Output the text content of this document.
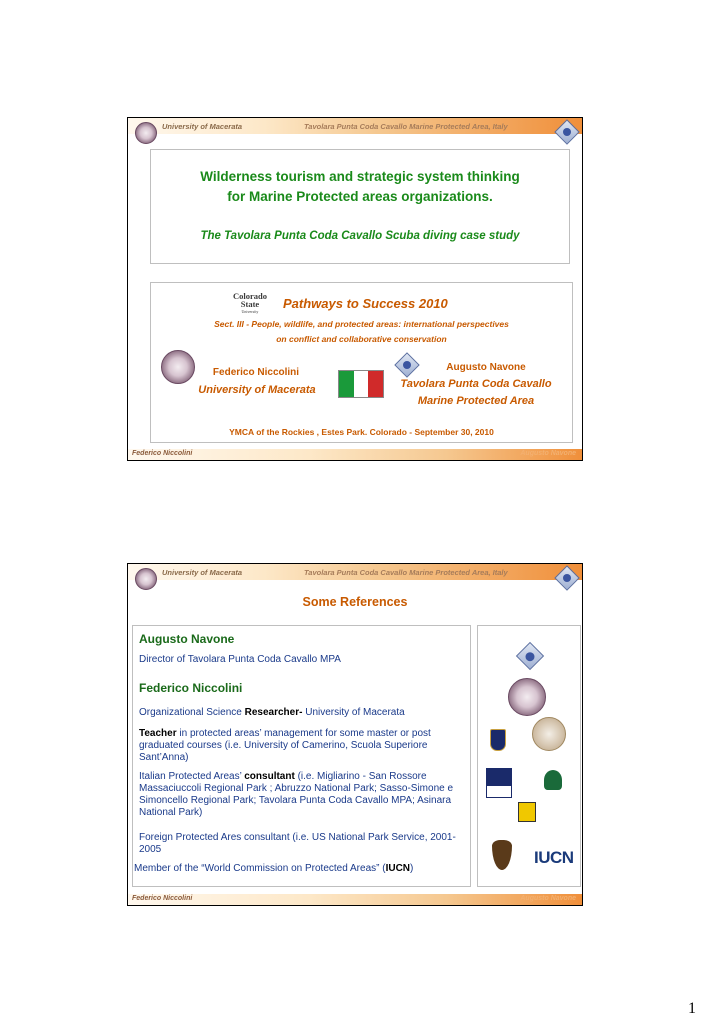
University of Macerata	Tavolara Punta Coda Cavallo Marine Protected Area, Italy
Wilderness tourism and strategic system thinking
for Marine Protected areas organizations.
The Tavolara Punta Coda Cavallo Scuba diving case study
Colorado
State
University
Pathways to Success 2010
Sect. III - People, wildlife, and protected areas: international perspectives
on conflict and collaborative conservation
Federico Niccolini
University of Macerata
Augusto Navone
Tavolara Punta Coda Cavallo
Marine Protected Area
YMCA of the Rockies , Estes Park. Colorado - September 30, 2010
Federico Niccolini	Augusto Navone
University of Macerata	Tavolara Punta Coda Cavallo Marine Protected Area, Italy
Some References
Augusto Navone
Director of Tavolara Punta Coda Cavallo MPA
Federico Niccolini
Organizational Science Researcher- University of Macerata
Teacher in protected areas’ management for some master or post graduated courses (i.e. University of Camerino, Scuola Superiore Sant’Anna)
Italian Protected Areas’ consultant (i.e. Migliarino - San Rossore Massaciuccoli Regional Park ; Abruzzo National Park; Sasso-Simone e Simoncello Regional Park; Tavolara Punta Coda Cavallo MPA; Asinara National Park)
Foreign Protected Ares consultant (i.e. US National Park Service, 2001-2005
Member of the “World Commission on Protected Areas” (IUCN)
IUCN
Federico Niccolini	Augusto Navone
1
